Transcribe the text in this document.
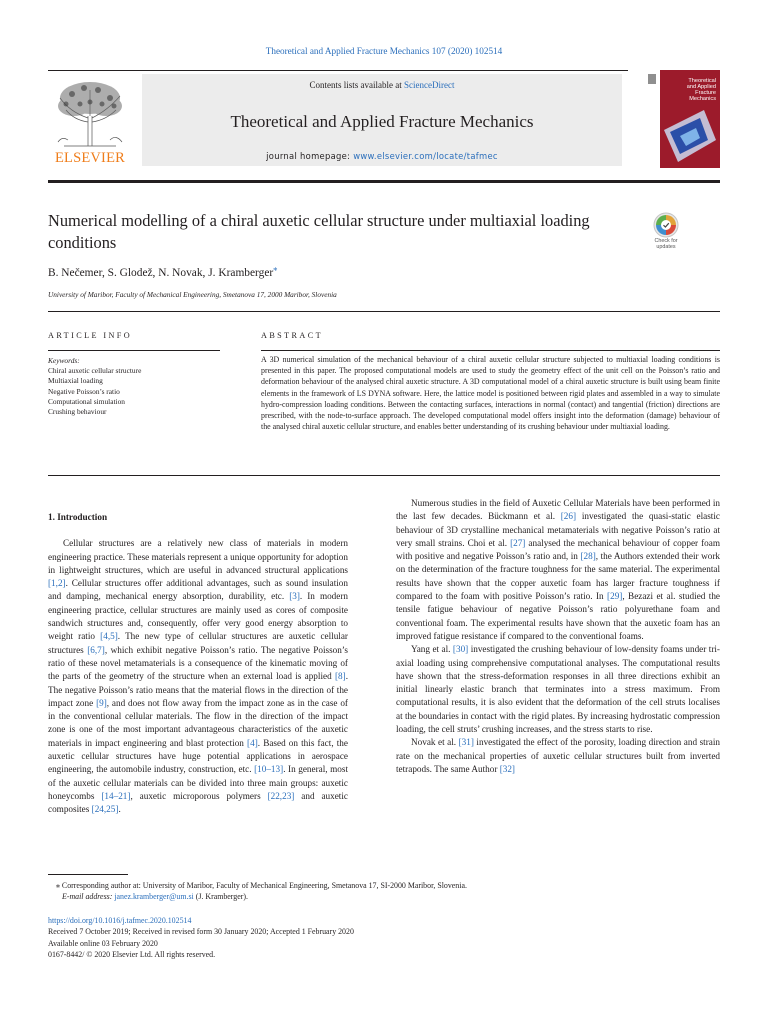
Theoretical and Applied Fracture Mechanics 107 (2020) 102514
ELSEVIER
Contents lists available at ScienceDirect
Theoretical and Applied Fracture Mechanics
journal homepage: www.elsevier.com/locate/tafmec
Theoretical
and Applied
Fracture
Mechanics
Numerical modelling of a chiral auxetic cellular structure under multiaxial loading conditions	Check for
updates
B. Nečemer, S. Glodež, N. Novak, J. Kramberger⁎
University of Maribor, Faculty of Mechanical Engineering, Smetanova 17, 2000 Maribor, Slovenia
ARTICLE INFO	ABSTRACT
Keywords:
Chiral auxetic cellular structure
Multiaxial loading
Negative Poisson’s ratio
Computational simulation
Crushing behaviour
A 3D numerical simulation of the mechanical behaviour of a chiral auxetic cellular structure subjected to multiaxial loading conditions is presented in this paper. The proposed computational models are used to study the geometry effect of the unit cell on the Poisson’s ratio and deformation behaviour of the analysed chiral auxetic structure. A 3D computational model of a chiral auxetic structure is built using beam finite elements in the framework of LS DYNA software. Here, the lattice model is positioned between rigid plates and assembled in a way to simulate hydro-compression loading conditions. Between the contacting surfaces, interactions in normal (contact) and tangential (friction) directions are prescribed, with the node-to-surface approach. The developed computational model offers insight into the deformation (damage) behaviour of the analysed chiral auxetic cellular structure, and enables better understanding of its crushing behaviour under multiaxial loading.
1. Introduction

Cellular structures are a relatively new class of materials in modern engineering practice. These materials represent a unique opportunity for adoption in lightweight structures, which are useful in advanced structural applications [1,2]. Cellular structures offer additional advantages, such as sound insulation and damping, mechanical energy absorption, durability, etc. [3]. In modern engineering practice, cellular structures are mainly used as cores of composite sandwich structures and, consequently, offer very good energy absorption to weight ratio [4,5]. The new type of cellular structures are auxetic cellular structures [6,7], which exhibit negative Poisson’s ratio. The negative Poisson’s ratio of these novel metamaterials is a consequence of the kinematic moving of the parts of the geometry of the structure when an external load is applied [8]. The negative Poisson’s ratio means that the material flows in the direction of the impact zone [9], and does not flow away from the impact zone as in the case of in the conventional cellular materials. The flow in the direction of the impact zone is one of the most important advantageous characteristics of the auxetic materials in impact engineering and blast protection [4]. Based on this fact, the auxetic cellular structures have huge potential applications in aerospace engineering, the automobile industry, construction, etc. [10–13]. In general, most of the auxetic cellular materials can be divided into three main groups: auxetic honeycombs [14–21], auxetic microporous polymers [22,23] and auxetic composites [24,25].

Numerous studies in the field of Auxetic Cellular Materials have been performed in the last few decades. Bückmann et al. [26] investigated the quasi-static elastic behaviour of 3D crystalline mechanical metamaterials with negative Poisson’s ratio at very small strains. Choi et al. [27] analysed the mechanical behaviour of copper foam with positive and negative Poisson’s ratio and, in [28], the Authors extended their work on the determination of the fracture toughness for the same material. The experimental results have shown that the copper auxetic foam has larger fracture toughness if compared to the foam with positive Poisson’s ratio. In [29], Bezazi et al. studied the tensile fatigue behaviour of negative Poisson’s ratio polyurethane foam and conventional foam. The experimental results have shown that the auxetic foam has an improved fatigue resistance if compared to the conventional foams.

Yang et al. [30] investigated the crushing behaviour of low-density foams under tri-axial loading using comprehensive computational analyses. The computational results have shown that the stress-deformation responses in all three directions exhibit an initial linearly elastic branch that terminates into a stress maximum. From computational results, it is also evident that the deformation of the cell struts localises at the boundaries in contact with the rigid plates. By increasing hydrostatic compression loading, the cell struts’ crushing increases, and the stress starts to rise.

Novak et al. [31] investigated the effect of the porosity, loading direction and strain rate on the mechanical properties of auxetic cellular structures built from inverted tetrapods. The same Author [32]

⁎ Corresponding author at: University of Maribor, Faculty of Mechanical Engineering, Smetanova 17, SI-2000 Maribor, Slovenia.
E-mail address: janez.kramberger@um.si (J. Kramberger).
https://doi.org/10.1016/j.tafmec.2020.102514
Received 7 October 2019; Received in revised form 30 January 2020; Accepted 1 February 2020
Available online 03 February 2020
0167-8442/ © 2020 Elsevier Ltd. All rights reserved.
